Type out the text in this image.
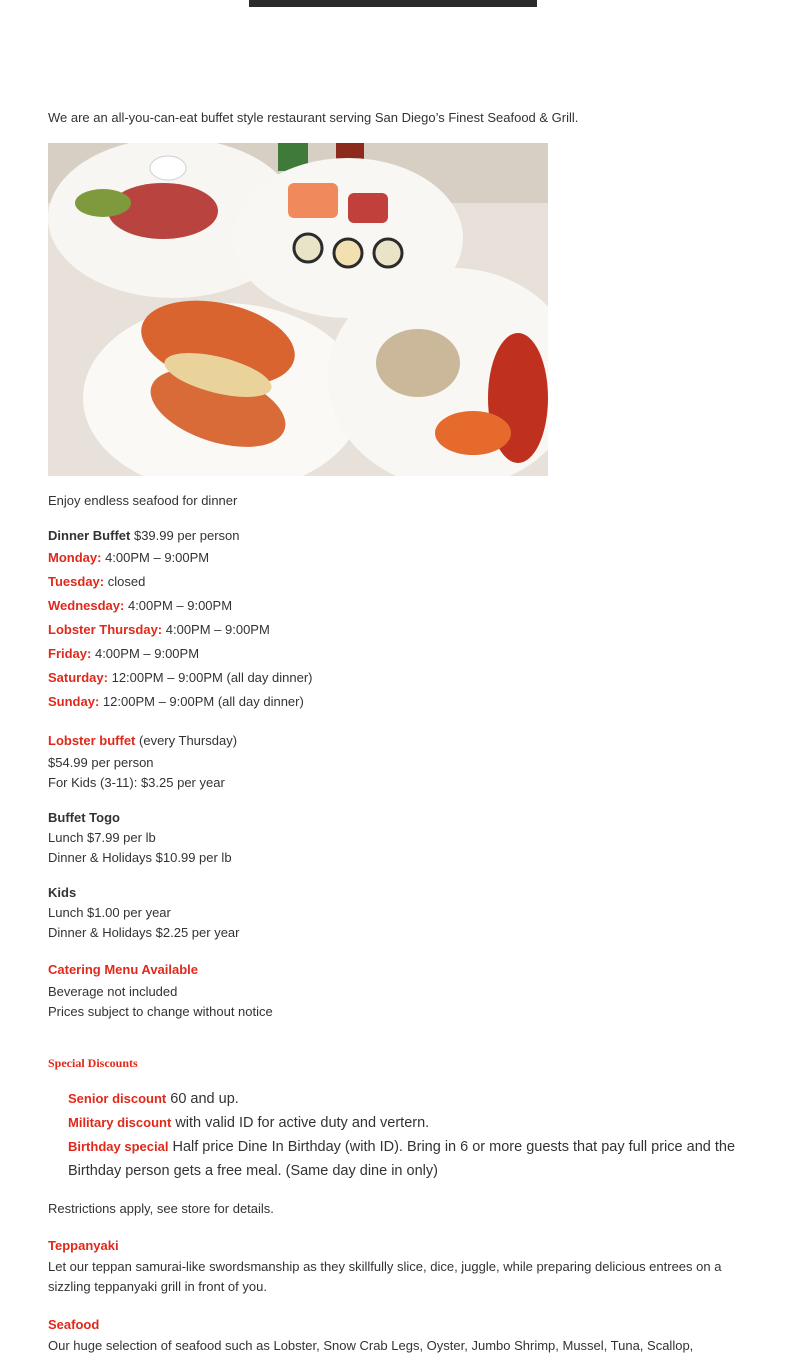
We are an all-you-can-eat buffet style restaurant serving San Diego’s Finest Seafood & Grill.
Enjoy endless seafood for dinner
Dinner Buffet $39.99 per person
Monday: 4:00PM – 9:00PM
Tuesday: closed
Wednesday: 4:00PM – 9:00PM
Lobster Thursday: 4:00PM – 9:00PM
Friday: 4:00PM – 9:00PM
Saturday: 12:00PM – 9:00PM (all day dinner)
Sunday: 12:00PM – 9:00PM (all day dinner)
Lobster buffet (every Thursday)
$54.99 per person
For Kids (3-11): $3.25 per year
Buffet Togo
Lunch $7.99 per lb
Dinner & Holidays $10.99 per lb
Kids
Lunch $1.00 per year
Dinner & Holidays $2.25 per year
Catering Menu Available
Beverage not included
Prices subject to change without notice
Special Discounts
Senior discount 60 and up.
Military discount with valid ID for active duty and vertern.
Birthday special Half price Dine In Birthday (with ID). Bring in 6 or more guests that pay full price and the Birthday person gets a free meal. (Same day dine in only)
Restrictions apply, see store for details.
Teppanyaki
Let our teppan samurai-like swordsmanship as they skillfully slice, dice, juggle, while preparing delicious entrees on a sizzling teppanyaki grill in front of you.
Seafood
Our huge selection of seafood such as Lobster, Snow Crab Legs, Oyster, Jumbo Shrimp, Mussel, Tuna, Scallop,
